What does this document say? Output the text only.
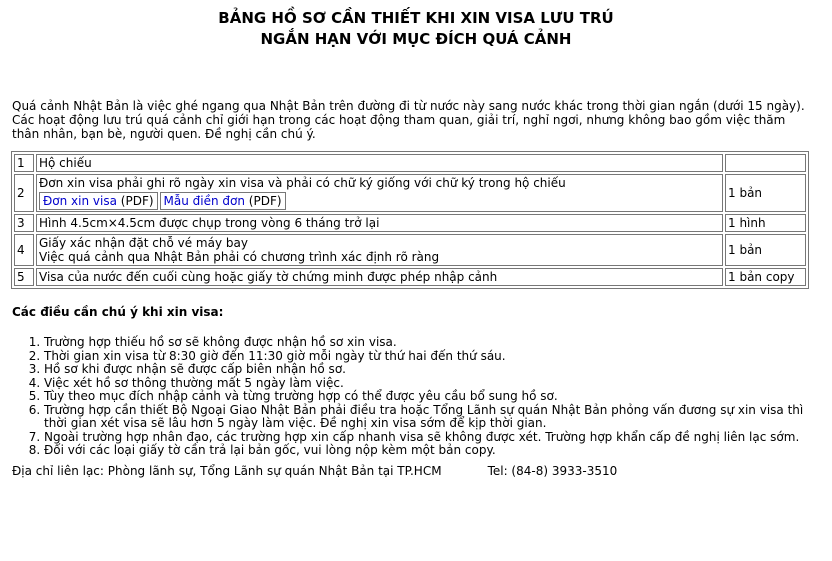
BẢNG HỒ SƠ CẦN THIẾT KHI XIN VISA LƯU TRÚ
NGẮN HẠN VỚI MỤC ĐÍCH QUÁ CẢNH
Quá cảnh Nhật Bản là việc ghé ngang qua Nhật Bản trên đường đi từ nước này sang nước khác trong thời gian ngắn (dưới 15 ngày). Các hoạt động lưu trú quá cảnh chỉ giới hạn trong các hoạt động tham quan, giải trí, nghỉ ngơi, nhưng không bao gồm việc thăm thân nhân, bạn bè, người quen. Đề nghị cần chú ý.
1	Hộ chiếu	
2	Đơn xin visa phải ghi rõ ngày xin visa và phải có chữ ký giống với chữ ký trong hộ chiếu
Đơn xin visa (PDF) Mẫu điền đơn (PDF)	1 bản
3	Hình 4.5cm×4.5cm được chụp trong vòng 6 tháng trở lại	1 hình
4	Giấy xác nhận đặt chỗ vé máy bay
Việc quá cảnh qua Nhật Bản phải có chương trình xác định rõ ràng	1 bản
5	Visa của nước đến cuối cùng hoặc giấy tờ chứng minh được phép nhập cảnh	1 bản copy
Các điều cần chú ý khi xin visa:
1. Trường hợp thiếu hồ sơ sẽ không được nhận hồ sơ xin visa.
2. Thời gian xin visa từ 8:30 giờ đến 11:30 giờ mỗi ngày từ thứ hai đến thứ sáu.
3. Hồ sơ khi được nhận sẽ được cấp biên nhận hồ sơ.
4. Việc xét hồ sơ thông thường mất 5 ngày làm việc.
5. Tùy theo mục đích nhập cảnh và từng trường hợp có thể được yêu cầu bổ sung hồ sơ.
6. Trường hợp cần thiết Bộ Ngoại Giao Nhật Bản phải điều tra hoặc Tổng Lãnh sự quán Nhật Bản phỏng vấn đương sự xin visa thì thời gian xét visa sẽ lâu hơn 5 ngày làm việc. Đề nghị xin visa sớm để kịp thời gian.
7. Ngoài trường hợp nhân đạo, các trường hợp xin cấp nhanh visa sẽ không được xét. Trường hợp khẩn cấp đề nghị liên lạc sớm.
8. Đối với các loại giấy tờ cần trả lại bản gốc, vui lòng nộp kèm một bản copy.
Địa chỉ liên lạc: Phòng lãnh sự, Tổng Lãnh sự quán Nhật Bản tại TP.HCM	Tel: (84-8) 3933-3510
